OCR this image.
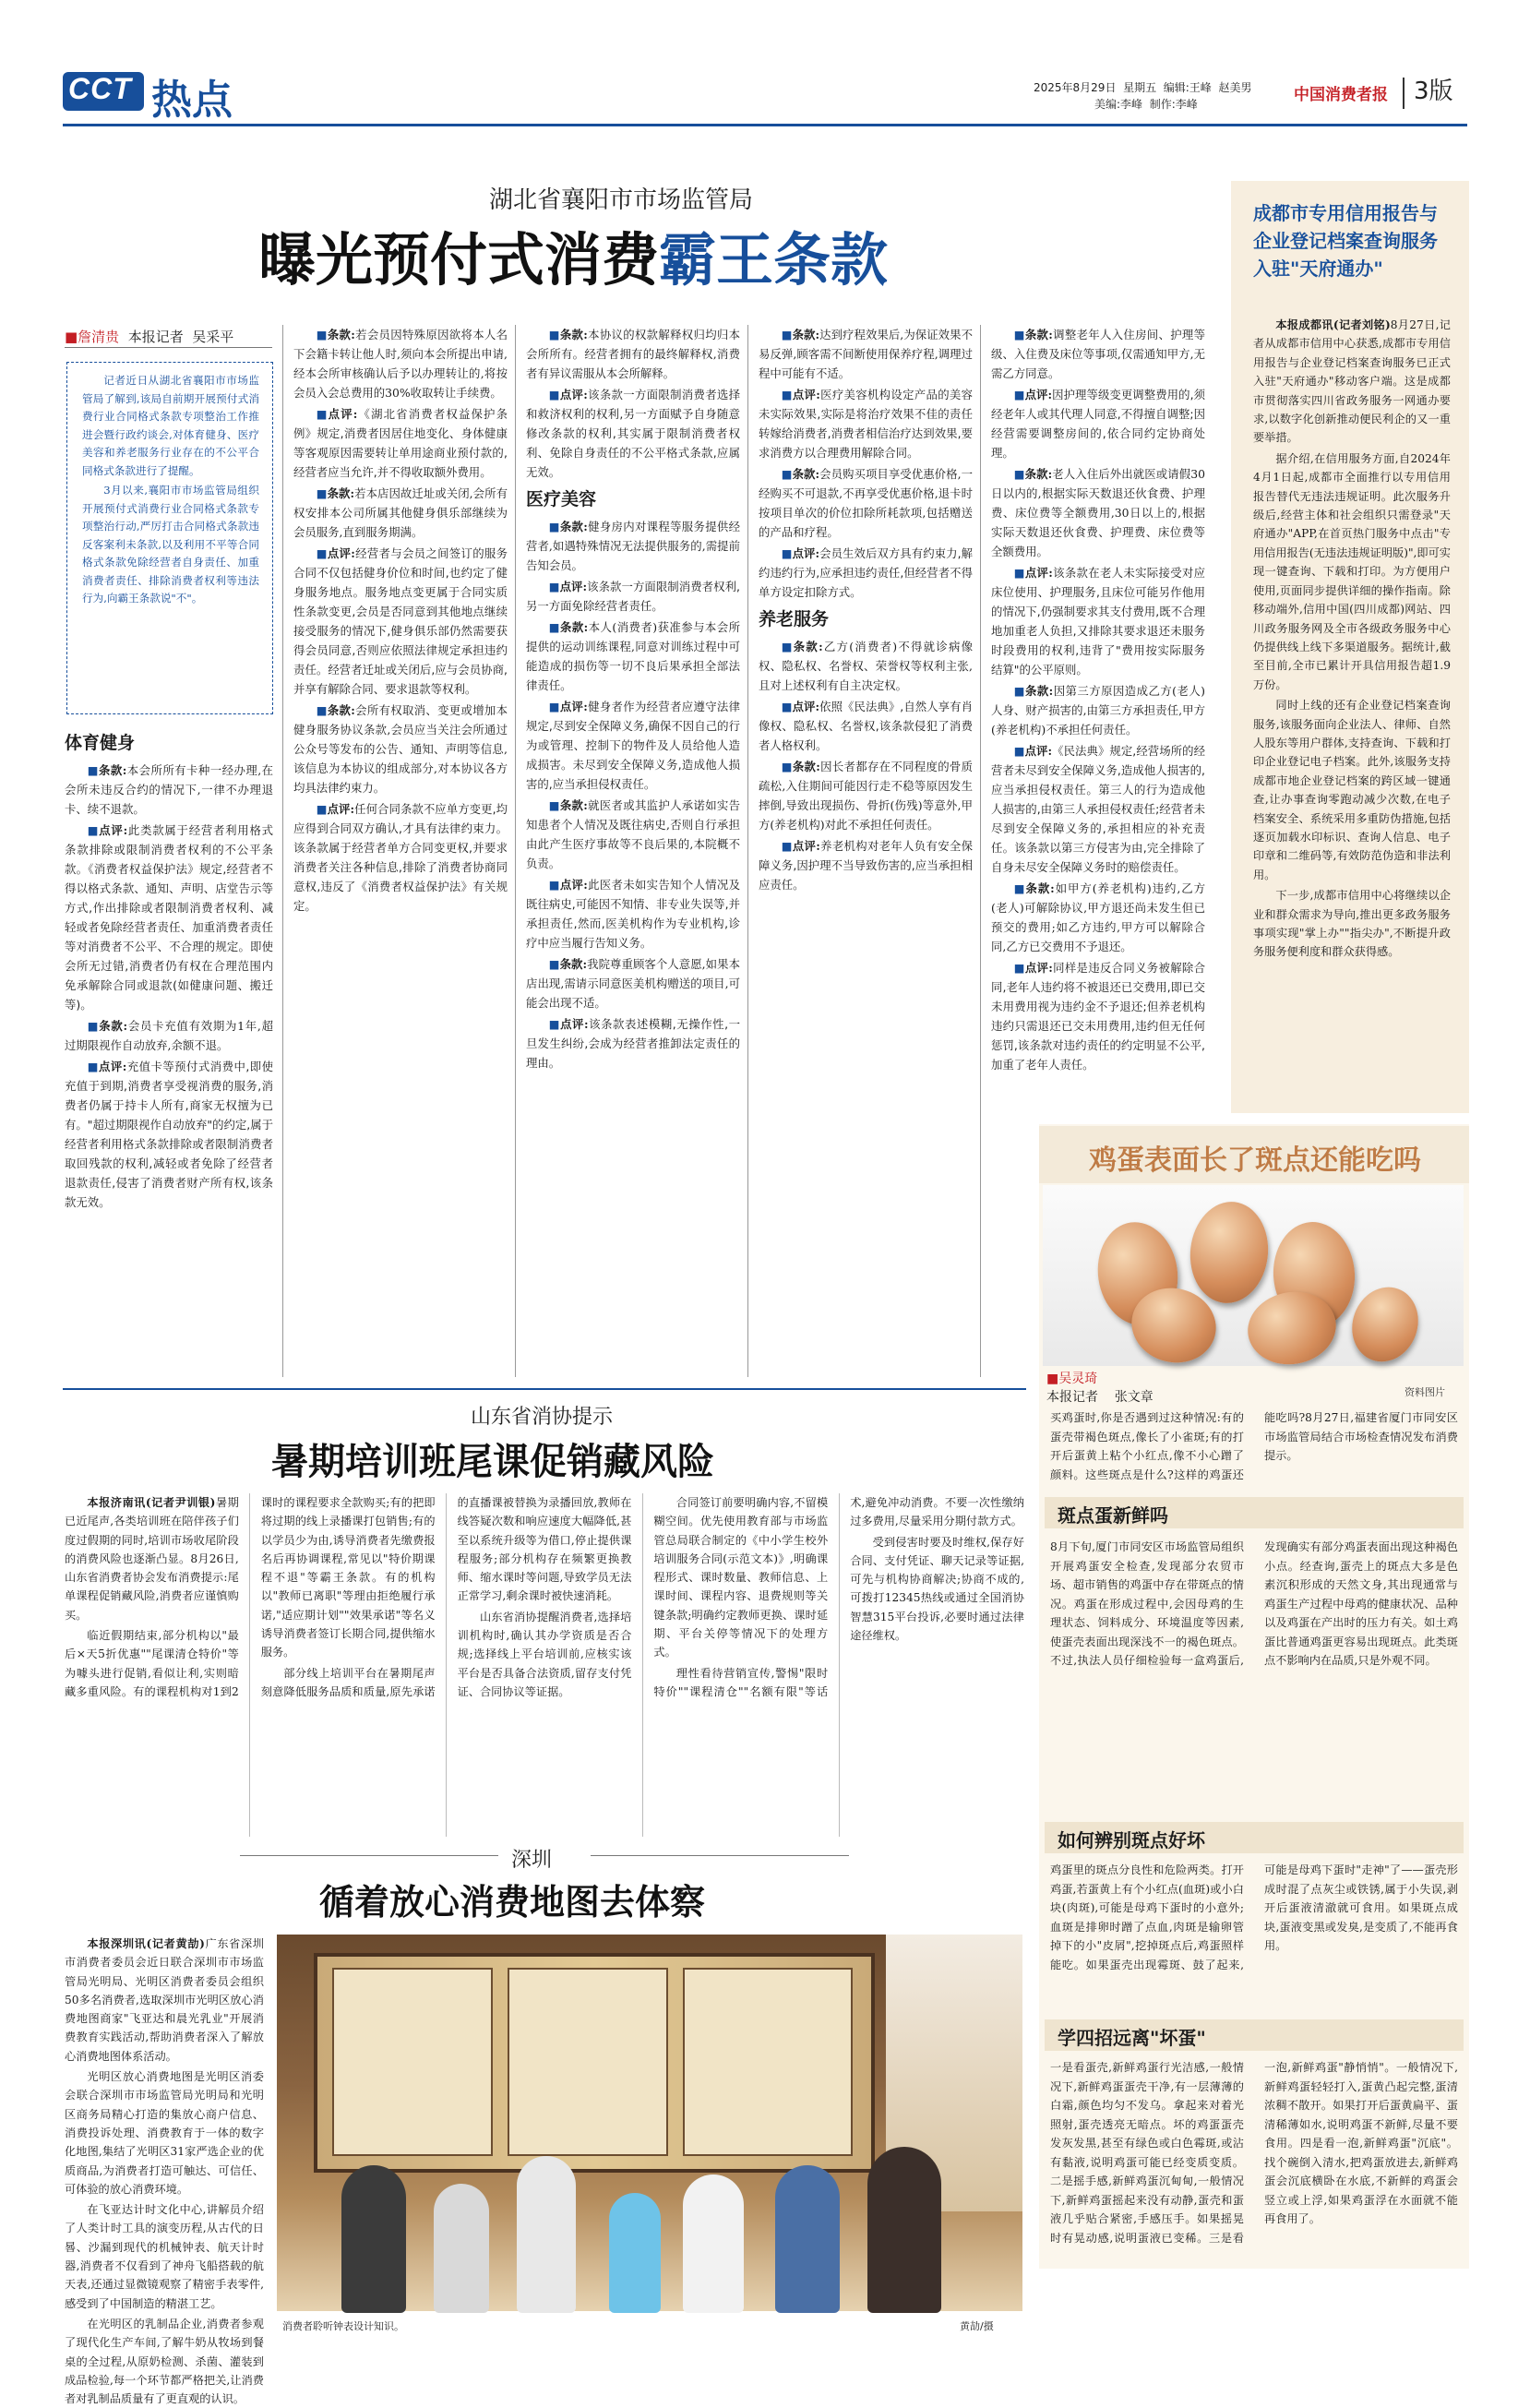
CCT 热点	2025年8月29日 星期五 编辑:王峰 赵美男
美编:李峰 制作:李峰	中国消费者报 3版
湖北省襄阳市市场监管局
曝光预付式消费霸王条款
■詹清贵 本报记者 吴采平

记者近日从湖北省襄阳市市场监管局了解到,该局自前期开展预付式消费行业合同格式条款专项整治工作推进会暨行政约谈会,对体育健身、医疗美容和养老服务行业存在的不公平合同格式条款进行了提醒。

3月以来,襄阳市市场监管局组织开展预付式消费行业合同格式条款专项整治行动,严厉打击合同格式条款违反客案利未条款,以及利用不平等合同格式条款免除经营者自身责任、加重消费者责任、排除消费者权利等违法行为,向霸王条款说"不"。

体育健身

■条款:本会所所有卡种一经办理,在会所未违反合约的情况下,一律不办理退卡、续不退款。

■点评:此类款属于经营者利用格式条款排除或限制消费者权利的不公平条款。《消费者权益保护法》规定,经营者不得以格式条款、通知、声明、店堂告示等方式,作出排除或者限制消费者权利、减轻或者免除经营者责任、加重消费者责任等对消费者不公平、不合理的规定。即使会所无过错,消费者仍有权在合理范围内免承解除合同或退款(如健康问题、搬迁等)。

■条款:会员卡充值有效期为1年,超过期限视作自动放弃,余额不退。

■点评:充值卡等预付式消费中,即使充值于到期,消费者享受视消费的服务,消费者仍属于持卡人所有,商家无权擅为已有。"超过期限视作自动放弃"的约定,属于经营者利用格式条款排除或者限制消费者取回残款的权利,减轻或者免除了经营者退款责任,侵害了消费者财产所有权,该条款无效。

■条款:若会员因特殊原因欲将本人名下会籍卡转让他人时,须向本会所提出申请,经本会所审核确认后予以办理转让的,将按会员入会总费用的30%收取转让手续费。

■点评:《湖北省消费者权益保护条例》规定,消费者因居住地变化、身体健康等客观原因需要转让单用途商业预付款的,经营者应当允许,并不得收取额外费用。

■条款:若本店因故迁址或关闭,会所有权安排本公司所属其他健身俱乐部继续为会员服务,直到服务期满。

■点评:经营者与会员之间签订的服务合同不仅包括健身价位和时间,也约定了健身服务地点。服务地点变更属于合同实质性条款变更,会员是否同意到其他地点继续接受服务的情况下,健身俱乐部仍然需要获得会员同意,否则应依照法律规定承担违约责任。经营者迁址或关闭后,应与会员协商,并享有解除合同、要求退款等权利。

■条款:会所有权取消、变更或增加本健身服务协议条款,会员应当关注会所通过公众号等发布的公告、通知、声明等信息,该信息为本协议的组成部分,对本协议各方均具法律约束力。

■点评:任何合同条款不应单方变更,均应得到合同双方确认,才具有法律约束力。该条款属于经营者单方合同变更权,并要求消费者关注各种信息,排除了消费者协商同意权,违反了《消费者权益保护法》有关规定。

■条款:本协议的权款解释权归均归本会所所有。经营者拥有的最终解释权,消费者有异议需服从本会所解释。

■点评:该条款一方面限制消费者选择和救济权利的权利,另一方面赋予自身随意修改条款的权利,其实属于限制消费者权利、免除自身责任的不公平格式条款,应属无效。

医疗美容

■条款:健身房内对课程等服务提供经营者,如遇特殊情况无法提供服务的,需提前告知会员。

■点评:该条款一方面限制消费者权利,另一方面免除经营者责任。

■条款:本人(消费者)获准参与本会所提供的运动训练课程,同意对训练过程中可能造成的损伤等一切不良后果承担全部法律责任。

■点评:健身者作为经营者应遵守法律规定,尽到安全保障义务,确保不因自己的行为或管理、控制下的物件及人员给他人造成损害。未尽到安全保障义务,造成他人损害的,应当承担侵权责任。

■条款:就医者或其监护人承诺如实告知患者个人情况及既往病史,否则自行承担由此产生医疗事故等不良后果的,本院概不负责。

■点评:此医者未如实告知个人情况及既往病史,可能因不知情、非专业失误等,并承担责任,然而,医美机构作为专业机构,诊疗中应当履行告知义务。

■条款:我院尊重顾客个人意愿,如果本店出现,需请示同意医美机构赠送的项目,可能会出现不适。

■点评:该条款表述模糊,无操作性,一旦发生纠纷,会成为经营者推卸法定责任的理由。

■条款:达到疗程效果后,为保证效果不易反弹,顾客需不间断使用保养疗程,调理过程中可能有不适。

■点评:医疗美容机构设定产品的美容未实际效果,实际是将治疗效果不佳的责任转嫁给消费者,消费者相信治疗达到效果,要求消费方以合理费用解除合同。

■条款:会员购买项目享受优惠价格,一经购买不可退款,不再享受优惠价格,退卡时按项目单次的价位扣除所耗款项,包括赠送的产品和疗程。

■点评:会员生效后双方具有约束力,解约违约行为,应承担违约责任,但经营者不得单方设定扣除方式。

养老服务

■条款:乙方(消费者)不得就诊病像权、隐私权、名誉权、荣誉权等权利主张,且对上述权利有自主决定权。

■点评:依照《民法典》,自然人享有肖像权、隐私权、名誉权,该条款侵犯了消费者人格权利。

■条款:因长者都存在不同程度的骨质疏松,入住期间可能因行走不稳等原因发生摔倒,导致出现损伤、骨折(伤残)等意外,甲方(养老机构)对此不承担任何责任。

■点评:养老机构对老年人负有安全保障义务,因护理不当导致伤害的,应当承担相应责任。

■条款:调整老年人入住房间、护理等级、入住费及床位等事项,仅需通知甲方,无需乙方同意。

■点评:因护理等级变更调整费用的,须经老年人或其代理人同意,不得擅自调整;因经营需要调整房间的,依合同约定协商处理。

■条款:老人入住后外出就医或请假30日以内的,根据实际天数退还伙食费、护理费、床位费等全额费用,30日以上的,根据实际天数退还伙食费、护理费、床位费等全额费用。

■点评:该条款在老人未实际接受对应床位使用、护理服务,且床位可能另作他用的情况下,仍强制要求其支付费用,既不合理地加重老人负担,又排除其要求退还未服务时段费用的权利,违背了"费用按实际服务结算"的公平原则。

■条款:因第三方原因造成乙方(老人)人身、财产损害的,由第三方承担责任,甲方(养老机构)不承担任何责任。

■点评:《民法典》规定,经营场所的经营者未尽到安全保障义务,造成他人损害的,应当承担侵权责任。第三人的行为造成他人损害的,由第三人承担侵权责任;经营者未尽到安全保障义务的,承担相应的补充责任。该条款以第三方侵害为由,完全排除了自身未尽安全保障义务时的赔偿责任。

■条款:如甲方(养老机构)违约,乙方(老人)可解除协议,甲方退还尚未发生但已预交的费用;如乙方违约,甲方可以解除合同,乙方已交费用不予退还。

■点评:同样是违反合同义务被解除合同,老年人违约将不被退还已交费用,即已交未用费用视为违约金不予退还;但养老机构违约只需退还已交未用费用,违约但无任何惩罚,该条款对违约责任的约定明显不公平,加重了老年人责任。

成都市专用信用报告与企业登记档案查询服务入驻"天府通办"

本报成都讯(记者刘铭)8月27日,记者从成都市信用中心获悉,成都市专用信用报告与企业登记档案查询服务已正式入驻"天府通办"移动客户端。这是成都市贯彻落实四川省政务服务一网通办要求,以数字化创新推动便民利企的又一重要举措。

据介绍,在信用服务方面,自2024年4月1日起,成都市全面推行以专用信用报告替代无违法违规证明。此次服务升级后,经营主体和社会组织只需登录"天府通办"APP,在首页热门服务中点击"专用信用报告(无违法违规证明版)",即可实现一键查询、下载和打印。为方便用户使用,页面同步提供详细的操作指南。除移动端外,信用中国(四川成都)网站、四川政务服务网及全市各级政务服务中心仍提供线上线下多渠道服务。据统计,截至目前,全市已累计开具信用报告超1.9万份。

同时上线的还有企业登记档案查询服务,该服务面向企业法人、律师、自然人股东等用户群体,支持查询、下载和打印企业登记电子档案。此外,该服务支持成都市地企业登记档案的跨区域一键通查,让办事查询零跑动减少次数,在电子档案安全、系统采用多重防伪措施,包括逐页加载水印标识、查询人信息、电子印章和二维码等,有效防范伪造和非法利用。

下一步,成都市信用中心将继续以企业和群众需求为导向,推出更多政务服务事项实现"掌上办""指尖办",不断提升政务服务便利度和群众获得感。

鸡蛋表面长了斑点还能吃吗
■吴灵琦
本报记者 张文章	资料图片
买鸡蛋时,你是否遇到过这种情况:有的蛋壳带褐色斑点,像长了小雀斑;有的打开后蛋黄上粘个小红点,像不小心蹭了颜料。这些斑点是什么?这样的鸡蛋还能吃吗?8月27日,福建省厦门市同安区市场监管局结合市场检查情况发布消费提示。
斑点蛋新鲜吗
8月下旬,厦门市同安区市场监管局组织开展鸡蛋安全检查,发现部分农贸市场、超市销售的鸡蛋中存在带斑点的情况。鸡蛋在形成过程中,会因母鸡的生理状态、饲料成分、环境温度等因素,使蛋壳表面出现深浅不一的褐色斑点。不过,执法人员仔细检验每一盒鸡蛋后,发现确实有部分鸡蛋表面出现这种褐色小点。经查询,蛋壳上的斑点大多是色素沉积形成的天然文身,其出现通常与鸡蛋生产过程中母鸡的健康状况、品种以及鸡蛋在产出时的压力有关。如土鸡蛋比普通鸡蛋更容易出现斑点。此类斑点不影响内在品质,只是外观不同。
如何辨别斑点好坏
鸡蛋里的斑点分良性和危险两类。打开鸡蛋,若蛋黄上有个小红点(血斑)或小白块(肉斑),可能是母鸡下蛋时的小意外;血斑是排卵时蹭了点血,肉斑是输卵管掉下的小"皮屑",挖掉斑点后,鸡蛋照样能吃。如果蛋壳出现霉斑、鼓了起来,可能是母鸡下蛋时"走神"了——蛋壳形成时混了点灰尘或铁锈,属于小失误,剥开后蛋液清澈就可食用。如果斑点成块,蛋液变黑或发臭,是变质了,不能再食用。
学四招远离"坏蛋"
一是看蛋壳,新鲜鸡蛋行光洁感,一般情况下,新鲜鸡蛋蛋壳干净,有一层薄薄的白霜,颜色均匀不发乌。拿起来对着光照射,蛋壳透亮无暗点。坏的鸡蛋蛋壳发灰发黑,甚至有绿色或白色霉斑,或沾有黏液,说明鸡蛋可能已经变质变质。二是摇手感,新鲜鸡蛋沉甸甸,一般情况下,新鲜鸡蛋摇起来没有动静,蛋壳和蛋液几乎贴合紧密,手感压手。如果摇晃时有晃动感,说明蛋液已变稀。三是看一泡,新鲜鸡蛋"静悄悄"。一般情况下,新鲜鸡蛋轻轻打入,蛋黄凸起完整,蛋清浓稠不散开。如果打开后蛋黄扁平、蛋清稀薄如水,说明鸡蛋不新鲜,尽量不要食用。四是看一泡,新鲜鸡蛋"沉底"。找个碗倒入清水,把鸡蛋放进去,新鲜鸡蛋会沉底横卧在水底,不新鲜的鸡蛋会竖立或上浮,如果鸡蛋浮在水面就不能再食用了。
山东省消协提示
暑期培训班尾课促销藏风险

本报济南讯(记者尹训银)暑期已近尾声,各类培训班在陪伴孩子们度过假期的同时,培训市场收尾阶段的消费风险也逐渐凸显。8月26日,山东省消费者协会发布消费提示:尾单课程促销藏风险,消费者应谨慎购买。

临近假期结束,部分机构以"最后×天5折优惠""尾课清仓特价"等为噱头进行促销,看似让利,实则暗藏多重风险。有的课程机构对1到2课时的课程要求全款购买;有的把即将过期的线上录播课打包销售;有的以学员少为由,诱导消费者先缴费报名后再协调课程,常见以"特价期课程不退"等霸王条款。有的机构以"教师已离职"等理由拒绝履行承诺,"适应期计划""效果承诺"等名义诱导消费者签订长期合同,提供缩水服务。

部分线上培训平台在暑期尾声刻意降低服务品质和质量,原先承诺的直播课被替换为录播回放,教师在线答疑次数和响应速度大幅降低,甚至以系统升级等为借口,停止提供课程服务;部分机构存在频繁更换教师、缩水课时等问题,导致学员无法正常学习,剩余课时被快速消耗。

山东省消协提醒消费者,选择培训机构时,确认其办学资质是否合规;选择线上平台培训前,应核实该平台是否具备合法资质,留存支付凭证、合同协议等证据。

合同签订前要明确内容,不留模糊空间。优先使用教育部与市场监管总局联合制定的《中小学生校外培训服务合同(示范文本)》,明确课程形式、课时数量、教师信息、上课时间、课程内容、退费规则等关键条款;明确约定教师更换、课时延期、平台关停等情况下的处理方式。

理性看待营销宣传,警惕"限时特价""课程清仓""名额有限"等话术,避免冲动消费。不要一次性缴纳过多费用,尽量采用分期付款方式。

受到侵害时要及时维权,保存好合同、支付凭证、聊天记录等证据,可先与机构协商解决;协商不成的,可拨打12345热线或通过全国消协智慧315平台投诉,必要时通过法律途径维权。

深圳
循着放心消费地图去体察

本报深圳讯(记者黄劼)广东省深圳市消费者委员会近日联合深圳市市场监管局光明局、光明区消费者委员会组织50多名消费者,选取深圳市光明区放心消费地图商家"飞亚达和晨光乳业"开展消费教育实践活动,帮助消费者深入了解放心消费地图体系活动。

光明区放心消费地图是光明区消委会联合深圳市市场监管局光明局和光明区商务局精心打造的集放心商户信息、消费投诉处理、消费教育于一体的数字化地图,集结了光明区31家严选企业的优质商品,为消费者打造可触达、可信任、可体验的放心消费环境。

在飞亚达计时文化中心,讲解员介绍了人类计时工具的演变历程,从古代的日晷、沙漏到现代的机械钟表、航天计时器,消费者不仅看到了神舟飞船搭载的航天表,还通过显微镜观察了精密手表零件,感受到了中国制造的精湛工艺。

在光明区的乳制品企业,消费者参观了现代化生产车间,了解牛奶从牧场到餐桌的全过程,从原奶检测、杀菌、灌装到成品检验,每一个环节都严格把关,让消费者对乳制品质量有了更直观的认识。

消费者聆听钟表设计知识。	黄劼/摄
